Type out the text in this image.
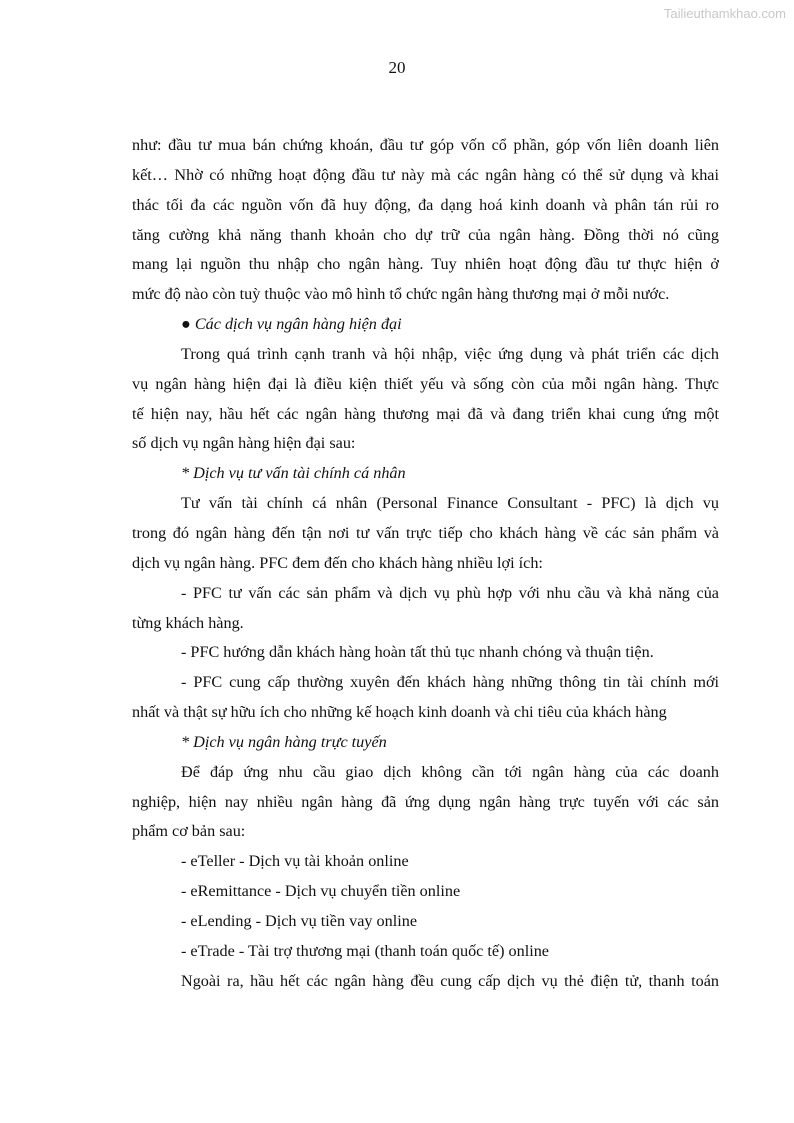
Tailieuthamkhao.com
20
như: đầu tư mua bán chứng khoán, đầu tư góp vốn cổ phần, góp vốn liên doanh liên
kết… Nhờ có những hoạt động đầu tư này mà các ngân hàng có thể sử dụng và khai
thác tối đa các nguồn vốn đã huy động, đa dạng hoá kinh doanh và phân tán rủi ro
tăng cường khả năng thanh khoản cho dự trữ của ngân hàng. Đồng thời nó cũng
mang lại nguồn thu nhập cho ngân hàng. Tuy nhiên hoạt động đầu tư thực hiện ở
mức độ nào còn tuỳ thuộc vào mô hình tổ chức ngân hàng thương mại ở mỗi nước.
● Các dịch vụ ngân hàng hiện đại
Trong quá trình cạnh tranh và hội nhập, việc ứng dụng và phát triển các dịch
vụ ngân hàng hiện đại là điều kiện thiết yếu và sống còn của mỗi ngân hàng. Thực
tế hiện nay, hầu hết các ngân hàng thương mại đã và đang triển khai cung ứng một
số dịch vụ ngân hàng hiện đại sau:
* Dịch vụ tư vấn tài chính cá nhân
Tư vấn tài chính cá nhân (Personal Finance Consultant - PFC) là dịch vụ
trong đó ngân hàng đến tận nơi tư vấn trực tiếp cho khách hàng về các sản phẩm và
dịch vụ ngân hàng. PFC đem đến cho khách hàng nhiều lợi ích:
- PFC tư vấn các sản phẩm và dịch vụ phù hợp với nhu cầu và khả năng của
từng khách hàng.
- PFC hướng dẫn khách hàng hoàn tất thủ tục nhanh chóng và thuận tiện.
- PFC cung cấp thường xuyên đến khách hàng những thông tin tài chính mới
nhất và thật sự hữu ích cho những kế hoạch kinh doanh và chi tiêu của khách hàng
* Dịch vụ ngân hàng trực tuyến
Để đáp ứng nhu cầu giao dịch không cần tới ngân hàng của các doanh
nghiệp, hiện nay nhiều ngân hàng đã ứng dụng ngân hàng trực tuyến với các sản
phẩm cơ bản sau:
- eTeller - Dịch vụ tài khoản online
- eRemittance - Dịch vụ chuyển tiền online
- eLending - Dịch vụ tiền vay online
- eTrade - Tài trợ thương mại (thanh toán quốc tế) online
Ngoài ra, hầu hết các ngân hàng đều cung cấp dịch vụ thẻ điện tử, thanh toán
